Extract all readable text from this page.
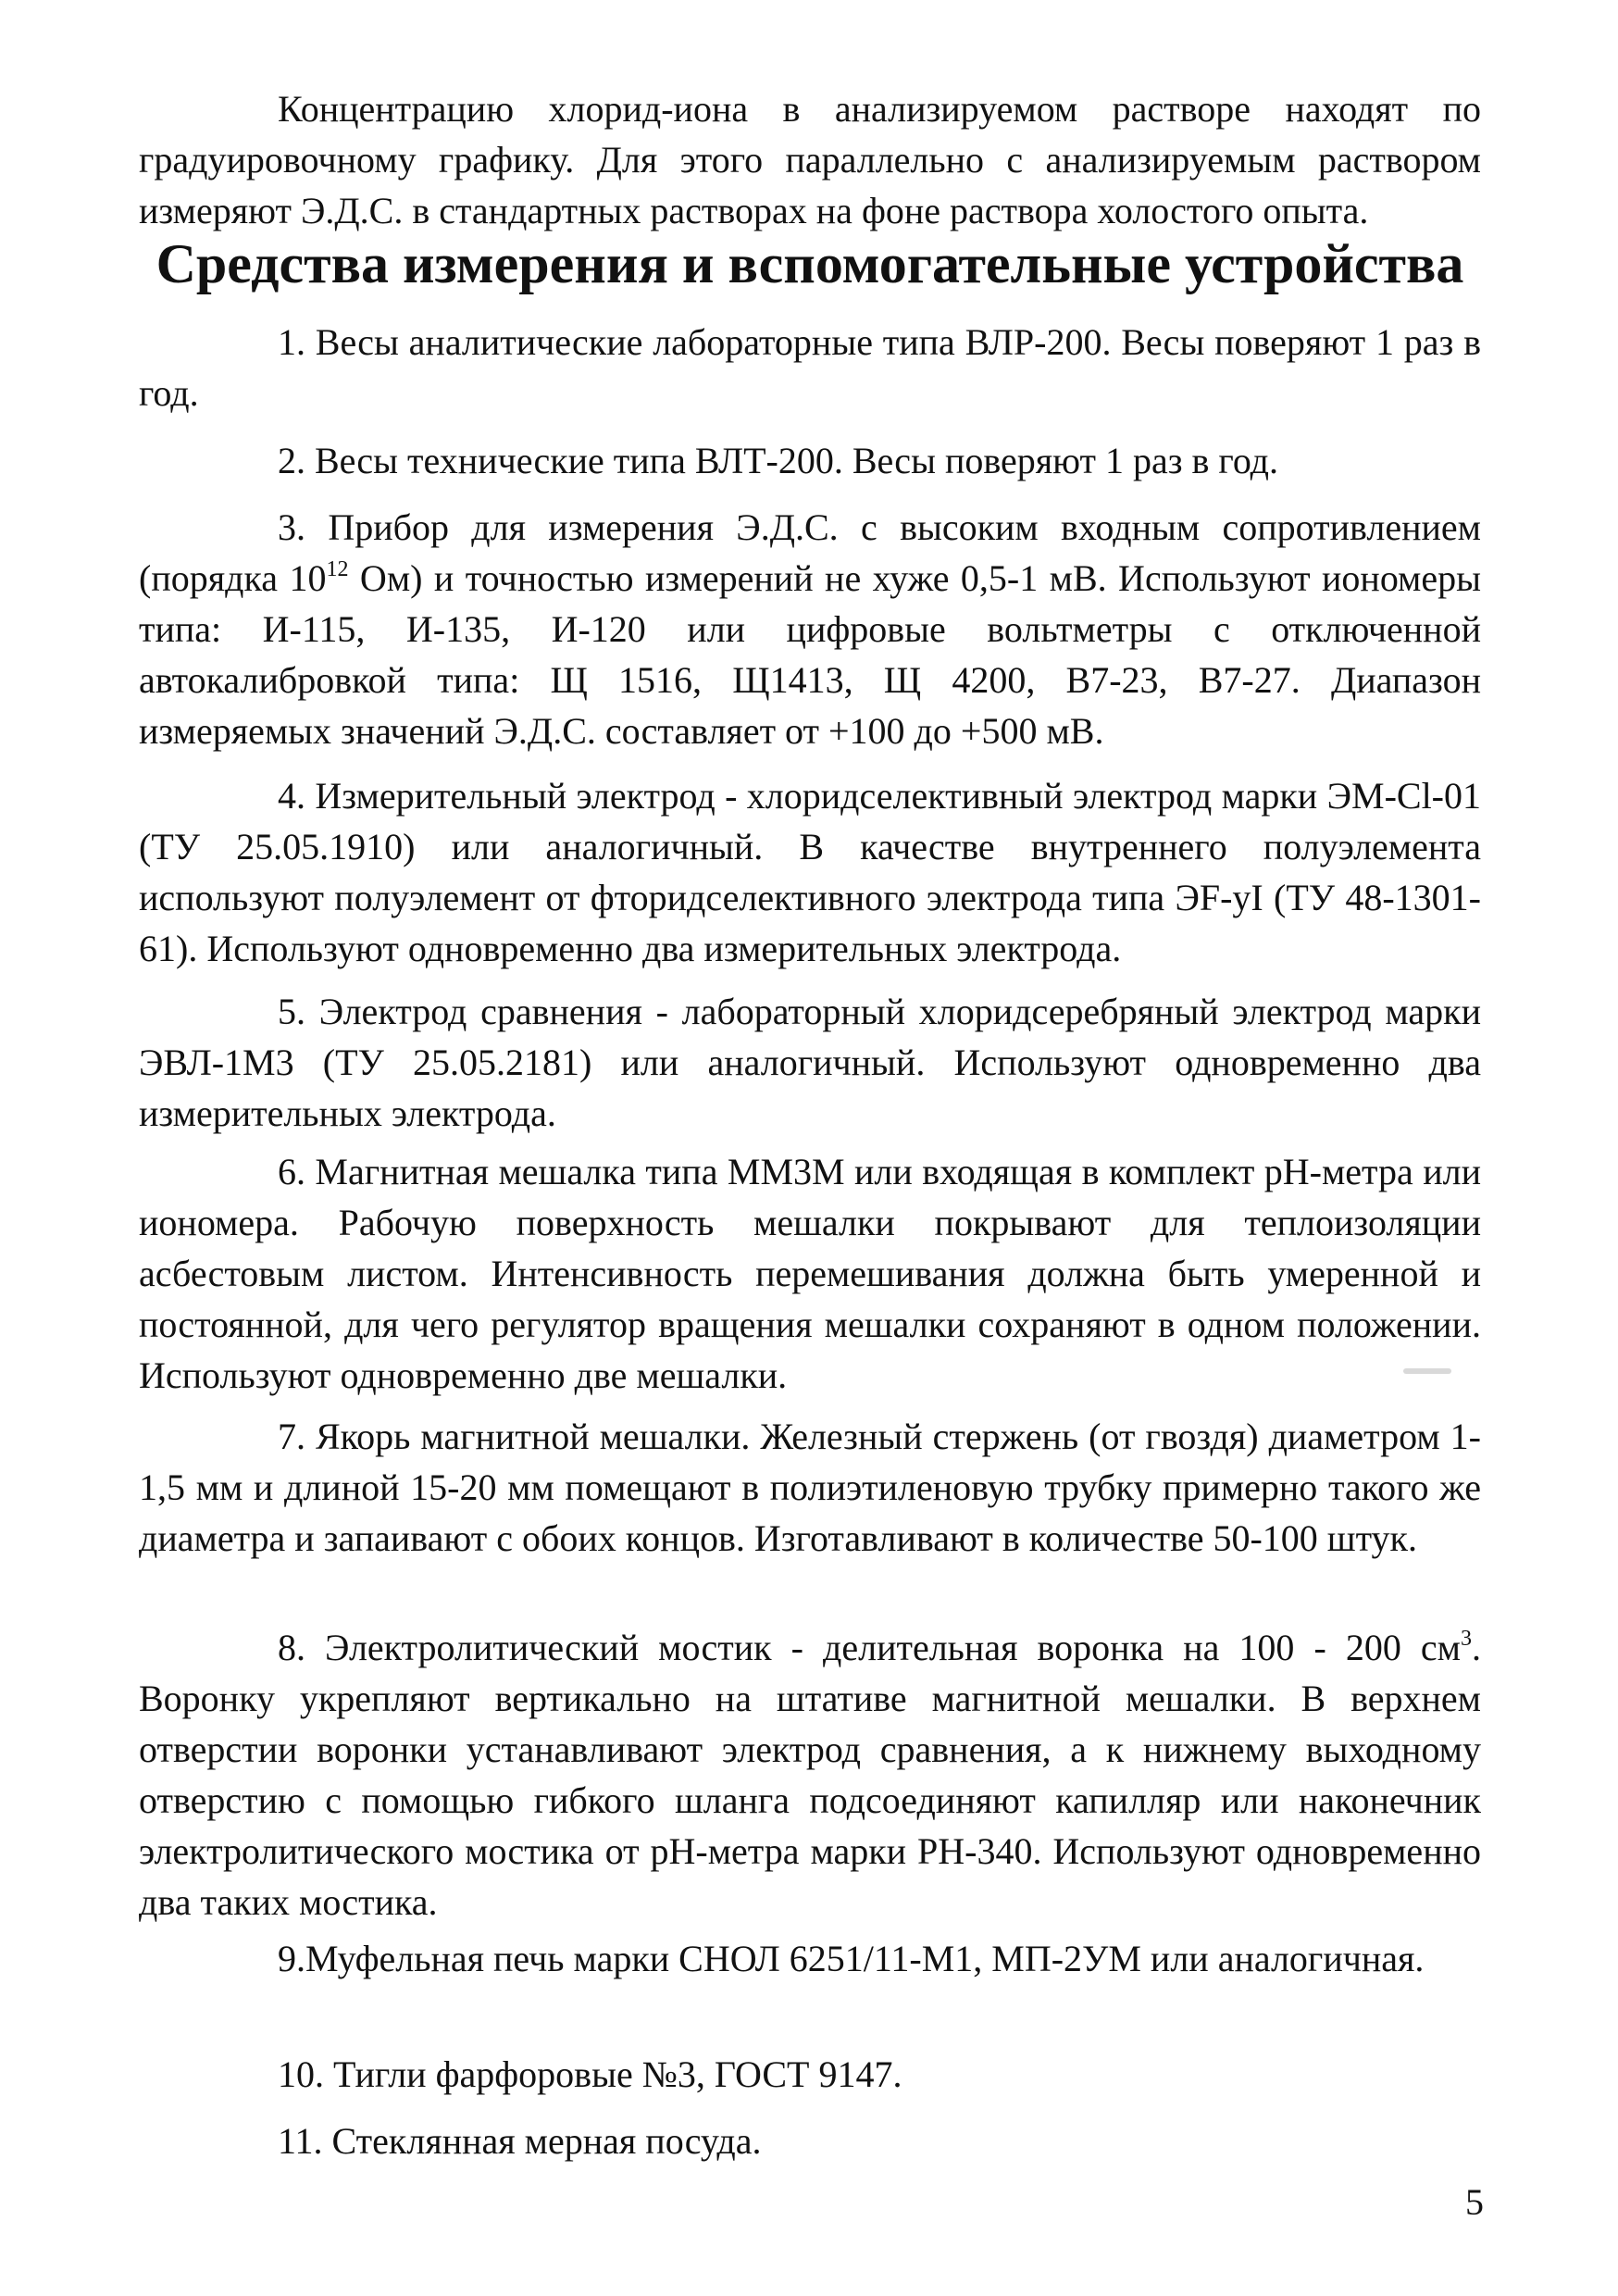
Концентрацию хлорид-иона в анализируемом растворе находят по градуировочному графику. Для этого параллельно с анализируемым раствором измеряют Э.Д.С. в стандартных растворах на фоне раствора холостого опыта.

Средства измерения и вспомогательные устройства

1. Весы аналитические лабораторные типа ВЛР-200. Весы поверяют 1 раз в год.

2. Весы технические типа ВЛТ-200. Весы поверяют 1 раз в год.

3. Прибор для измерения Э.Д.С. с высоким входным сопротивлением (порядка $10^{12}$ Ом) и точностью измерений не хуже 0,5-1 мВ. Используют иономеры типа: И-115, И-135, И-120 или цифровые вольтметры с отключенной автокалибровкой типа: Щ 1516, Щ1413, Щ 4200, В7-23, В7-27. Диапазон измеряемых значений Э.Д.С. составляет от +100 до +500 мВ.

4. Измерительный электрод - хлоридселективный электрод марки ЭМ-Cl-01 (ТУ 25.05.1910) или аналогичный. В качестве внутреннего полуэлемента используют полуэлемент от фторидселективного электрода типа ЭF-yI (ТУ 48-1301-61). Используют одновременно два измерительных электрода.

5. Электрод сравнения - лабораторный хлоридсеребряный электрод марки ЭВЛ-1М3 (ТУ 25.05.2181) или аналогичный. Используют одновременно два измерительных электрода.

6. Магнитная мешалка типа ММ3М или входящая в комплект pH-метра или иономера. Рабочую поверхность мешалки покрывают для теплоизоляции асбестовым листом. Интенсивность перемешивания должна быть умеренной и постоянной, для чего регулятор вращения мешалки сохраняют в одном положении. Используют одновременно две мешалки.

7. Якорь магнитной мешалки. Железный стержень (от гвоздя) диаметром 1-1,5 мм и длиной 15-20 мм помещают в полиэтиленовую трубку примерно такого же диаметра и запаивают с обоих концов. Изготавливают в количестве 50-100 штук.

8. Электролитический мостик - делительная воронка на 100 - 200 $см^3$. Воронку укрепляют вертикально на штативе магнитной мешалки. В верхнем отверстии воронки устанавливают электрод сравнения, а к нижнему выходному отверстию с помощью гибкого шланга подсоединяют капилляр или наконечник электролитического мостика от pH-метра марки PH-340. Используют одновременно два таких мостика.

9.Муфельная печь марки СНОЛ 6251/11-М1, МП-2УМ или аналогичная.

10. Тигли фарфоровые №3, ГОСТ 9147.

11. Стеклянная мерная посуда.

5
